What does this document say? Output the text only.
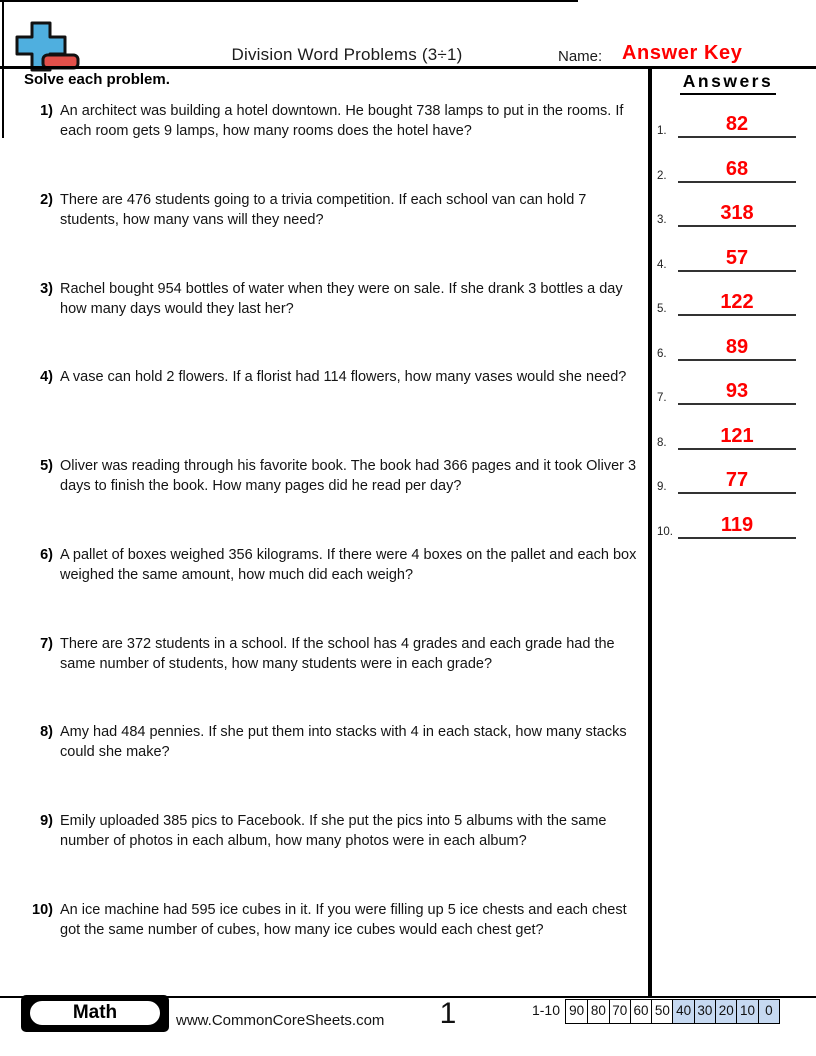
Division Word Problems (3÷1)	Name: Answer Key
Solve each problem.	Answers
1.	82
2.	68
3.	318
4.	57
5.	122
6.	89
7.	93
8.	121
9.	77
10.	119
1) An architect was building a hotel downtown. He bought 738 lamps to put in the rooms. If each room gets 9 lamps, how many rooms does the hotel have?
2) There are 476 students going to a trivia competition. If each school van can hold 7 students, how many vans will they need?
3) Rachel bought 954 bottles of water when they were on sale. If she drank 3 bottles a day how many days would they last her?
4) A vase can hold 2 flowers. If a florist had 114 flowers, how many vases would she need?
5) Oliver was reading through his favorite book. The book had 366 pages and it took Oliver 3 days to finish the book. How many pages did he read per day?
6) A pallet of boxes weighed 356 kilograms. If there were 4 boxes on the pallet and each box weighed the same amount, how much did each weigh?
7) There are 372 students in a school. If the school has 4 grades and each grade had the same number of students, how many students were in each grade?
8) Amy had 484 pennies. If she put them into stacks with 4 in each stack, how many stacks could she make?
9) Emily uploaded 385 pics to Facebook. If she put the pics into 5 albums with the same number of photos in each album, how many photos were in each album?
10) An ice machine had 595 ice cubes in it. If you were filling up 5 ice chests and each chest got the same number of cubes, how many ice cubes would each chest get?
Math	www.CommonCoreSheets.com	1	1-10 90 80 70 60 50 40 30 20 10 0
